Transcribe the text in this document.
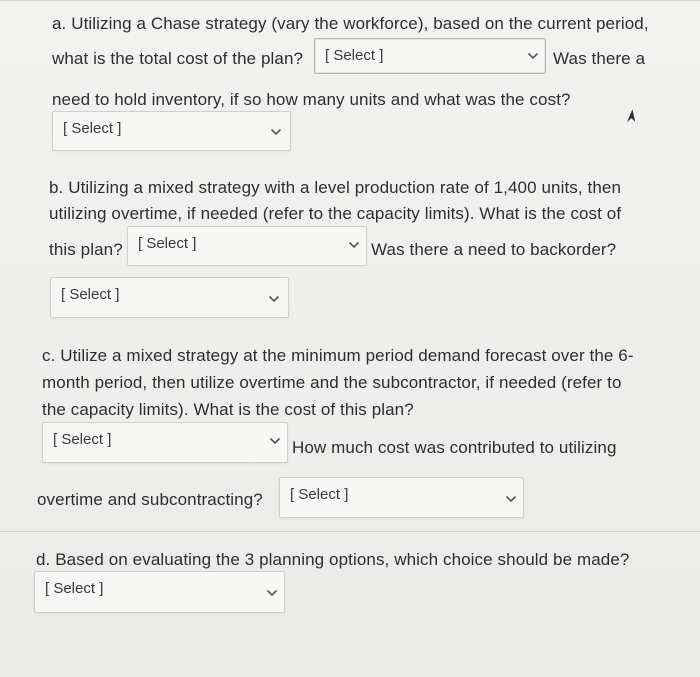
a. Utilizing a Chase strategy (vary the workforce), based on the current period,
what is the total cost of the plan? [ Select ]	Was there a
need to hold inventory, if so how many units and what was the cost?
[ Select ]
b. Utilizing a mixed strategy with a level production rate of 1,400 units, then
utilizing overtime, if needed (refer to the capacity limits). What is the cost of
this plan? [ Select ]	Was there a need to backorder?
[ Select ]
c. Utilize a mixed strategy at the minimum period demand forecast over the 6-
month period, then utilize overtime and the subcontractor, if needed (refer to
the capacity limits). What is the cost of this plan?
[ Select ]	How much cost was contributed to utilizing
overtime and subcontracting? [ Select ]
d. Based on evaluating the 3 planning options, which choice should be made?
[ Select ]
